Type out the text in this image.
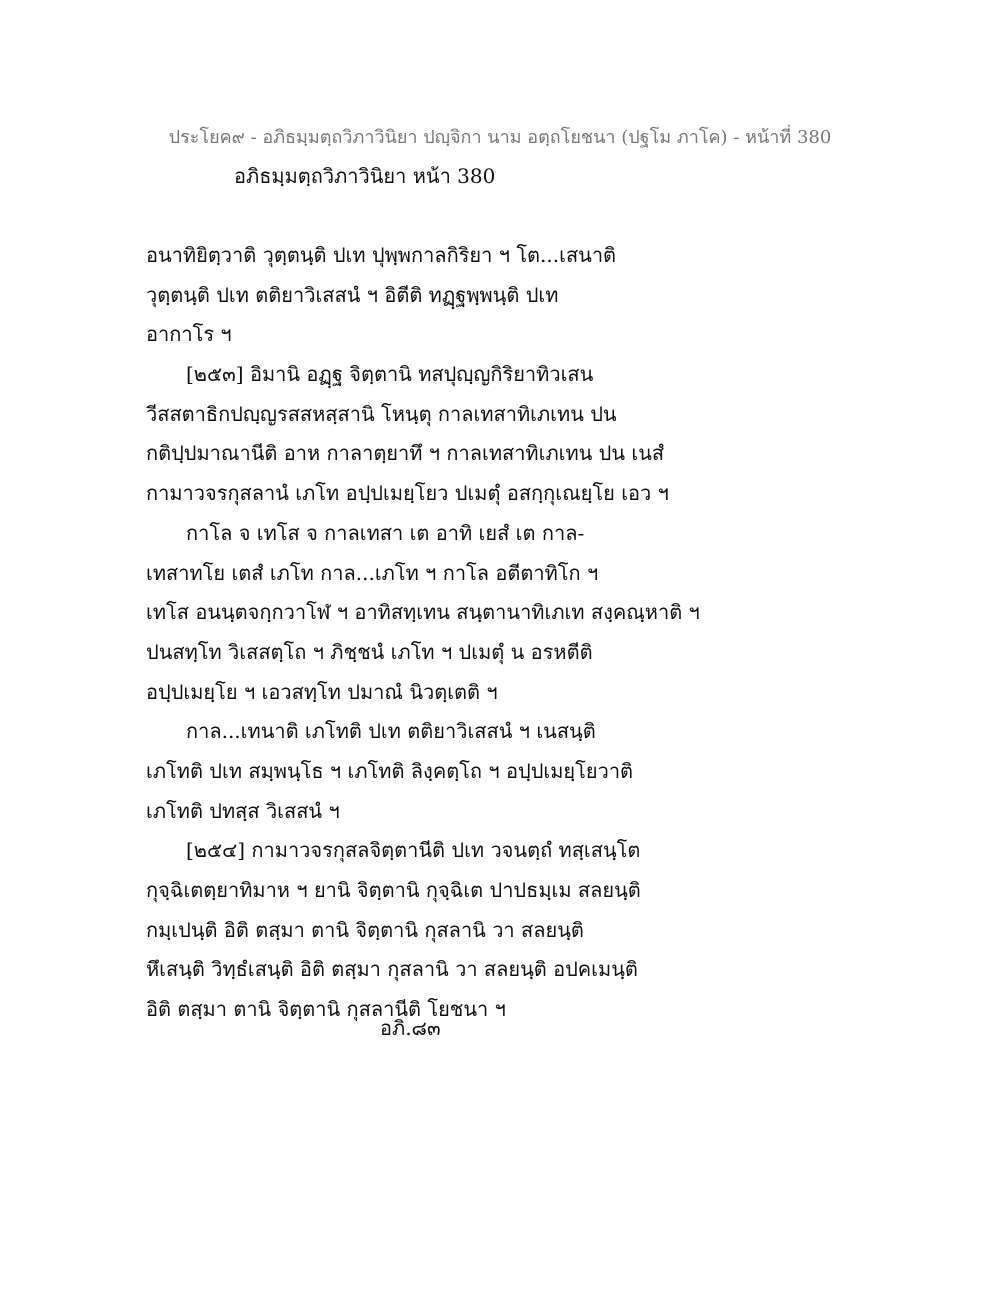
ประโยค๙ - อภิธมฺมตฺถวิภาวินิยา ปญฺจิกา นาม อตฺถโยชนา (ปฐโม ภาโค) - หน้าที่ 380
อภิธมฺมตฺถวิภาวินิยา หน้า 380
อนาทิยิตฺวาติ วุตฺตนฺติ ปเท ปุพฺพกาลกิริยา ฯ โต...เสนาติ
วุตฺตนฺติ ปเท ตติยาวิเสสนํ ฯ อิตีติ ทฏฺฐพฺพนฺติ ปเท
อากาโร ฯ
[๒๕๓] อิมานิ อฏฺฐ จิตฺตานิ ทสปุญฺญกิริยาทิวเสน
วีสสตาธิกปญฺญรสสหสฺสานิ โหนฺตุ กาลเทสาทิเภเทน ปน
กติปฺปมาณานีติ อาห กาลาตฺยาทึ ฯ กาลเทสาทิเภเทน ปน เนสํ
กามาวจรกุสลานํ เภโท อปฺปเมยฺโยว ปเมตุํ อสกฺกุเณยฺโย เอว ฯ
กาโล จ เทโส จ กาลเทสา เต อาทิ เยสํ เต กาล-
เทสาทโย เตสํ เภโท กาล...เภโท ฯ กาโล อตีตาทิโก ฯ
เทโส อนนฺตจกฺกวาโฬ ฯ อาทิสทฺเทน สนฺตานาทิเภเท สงฺคณฺหาติ ฯ
ปนสทฺโท วิเสสตฺโถ ฯ ภิชฺชนํ เภโท ฯ ปเมตุํ น อรหตีติ
อปฺปเมยฺโย ฯ เอวสทฺโท ปมาณํ นิวตฺเตติ ฯ
กาล...เทนาติ เภโทติ ปเท ตติยาวิเสสนํ ฯ เนสนฺติ
เภโทติ ปเท สมฺพนฺโธ ฯ เภโทติ ลิงฺคตฺโถ ฯ อปฺปเมยฺโยวาติ
เภโทติ ปทสฺส วิเสสนํ ฯ
[๒๕๔] กามาวจรกุสลจิตฺตานีติ ปเท วจนตฺถํ ทสฺเสนฺโต
กุจฺฉิเตตฺยาทิมาห ฯ ยานิ จิตฺตานิ กุจฺฉิเต ปาปธมฺเม สลยนฺติ
กมฺเปนฺติ อิติ ตสฺมา ตานิ จิตฺตานิ กุสลานิ วา สลยนฺติ
หึเสนฺติ วิทฺธํเสนฺติ อิติ ตสฺมา กุสลานิ วา สลยนฺติ อปคเมนฺติ
อิติ ตสฺมา ตานิ จิตฺตานิ กุสลานีติ โยชนา ฯ
อภิ.๘๓
